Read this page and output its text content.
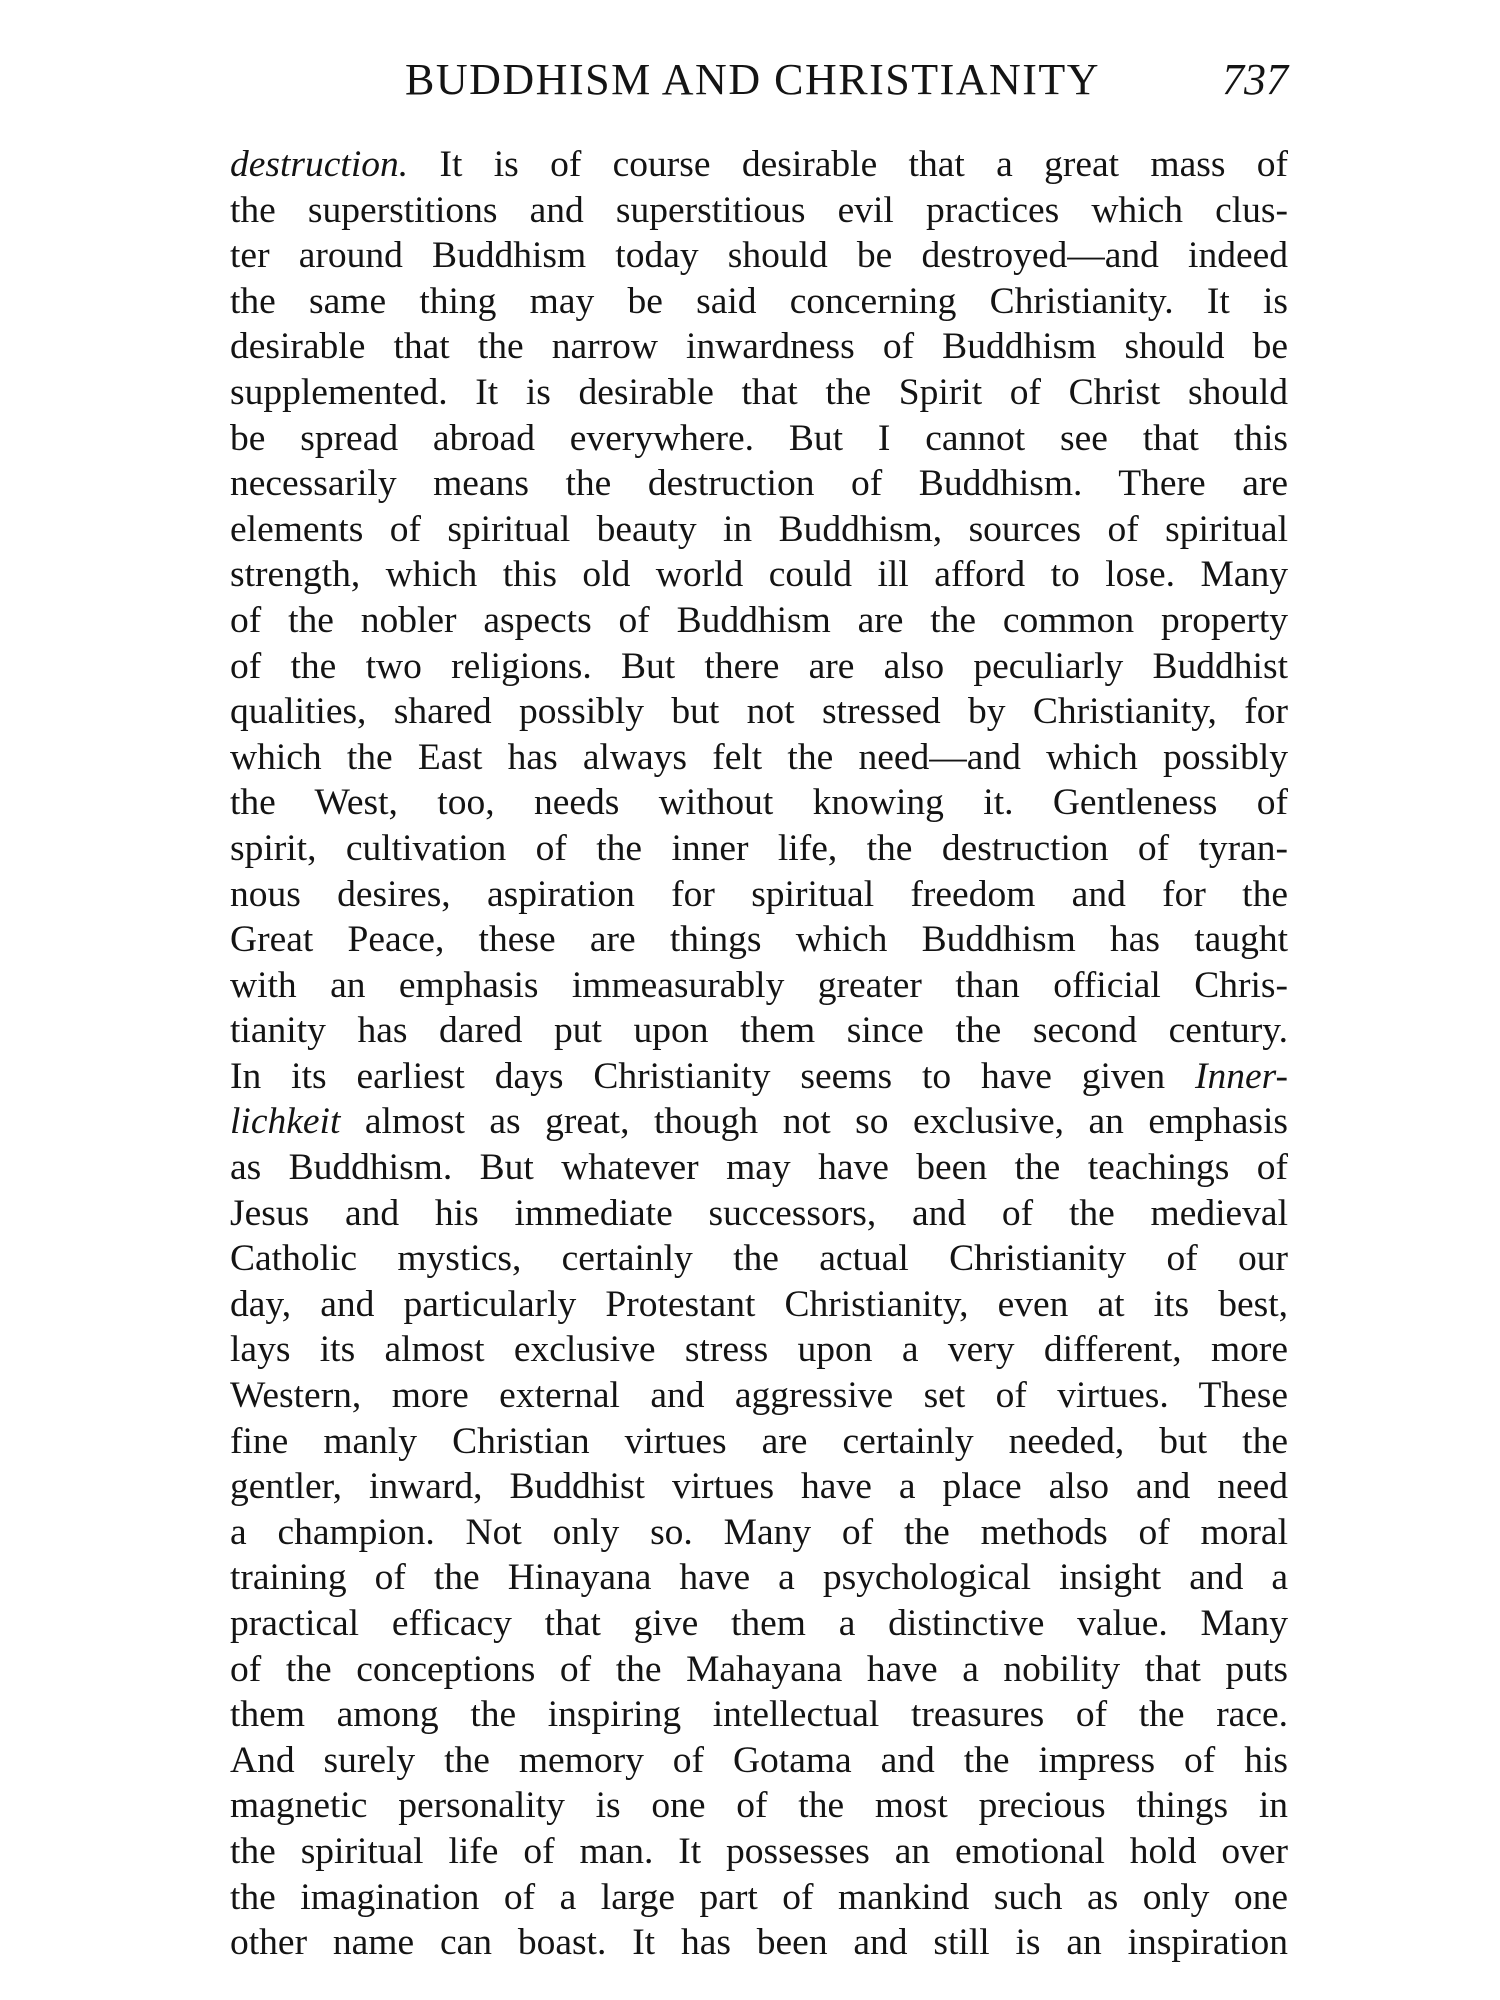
BUDDHISM AND CHRISTIANITY	737
destruction. It is of course desirable that a great mass of
the superstitions and superstitious evil practices which clus-
ter around Buddhism today should be destroyed—and indeed
the same thing may be said concerning Christianity. It is
desirable that the narrow inwardness of Buddhism should be
supplemented. It is desirable that the Spirit of Christ should
be spread abroad everywhere. But I cannot see that this
necessarily means the destruction of Buddhism. There are
elements of spiritual beauty in Buddhism, sources of spiritual
strength, which this old world could ill afford to lose. Many
of the nobler aspects of Buddhism are the common property
of the two religions. But there are also peculiarly Buddhist
qualities, shared possibly but not stressed by Christianity, for
which the East has always felt the need—and which possibly
the West, too, needs without knowing it. Gentleness of
spirit, cultivation of the inner life, the destruction of tyran-
nous desires, aspiration for spiritual freedom and for the
Great Peace, these are things which Buddhism has taught
with an emphasis immeasurably greater than official Chris-
tianity has dared put upon them since the second century.
In its earliest days Christianity seems to have given Inner-
lichkeit almost as great, though not so exclusive, an emphasis
as Buddhism. But whatever may have been the teachings of
Jesus and his immediate successors, and of the medieval
Catholic mystics, certainly the actual Christianity of our
day, and particularly Protestant Christianity, even at its best,
lays its almost exclusive stress upon a very different, more
Western, more external and aggressive set of virtues. These
fine manly Christian virtues are certainly needed, but the
gentler, inward, Buddhist virtues have a place also and need
a champion. Not only so. Many of the methods of moral
training of the Hinayana have a psychological insight and a
practical efficacy that give them a distinctive value. Many
of the conceptions of the Mahayana have a nobility that puts
them among the inspiring intellectual treasures of the race.
And surely the memory of Gotama and the impress of his
magnetic personality is one of the most precious things in
the spiritual life of man. It possesses an emotional hold over
the imagination of a large part of mankind such as only one
other name can boast. It has been and still is an inspiration
